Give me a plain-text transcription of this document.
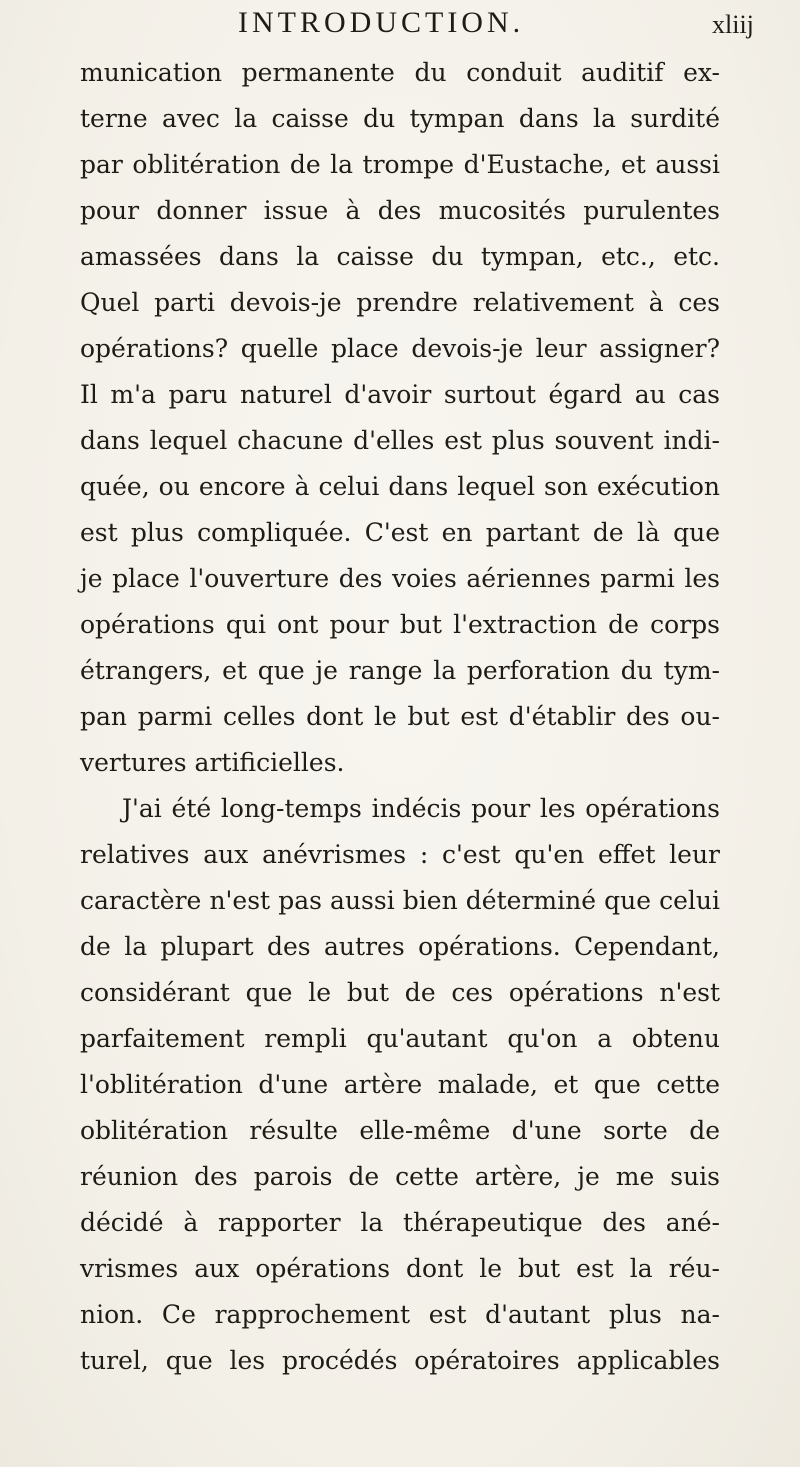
INTRODUCTION.	xliij
munication permanente du conduit auditif ex-
terne avec la caisse du tympan dans la surdité
par oblitération de la trompe d'Eustache, et aussi
pour donner issue à des mucosités purulentes
amassées dans la caisse du tympan, etc., etc.
Quel parti devois-je prendre relativement à ces
opérations? quelle place devois-je leur assigner?
Il m'a paru naturel d'avoir surtout égard au cas
dans lequel chacune d'elles est plus souvent indi-
quée, ou encore à celui dans lequel son exécution
est plus compliquée. C'est en partant de là que
je place l'ouverture des voies aériennes parmi les
opérations qui ont pour but l'extraction de corps
étrangers, et que je range la perforation du tym-
pan parmi celles dont le but est d'établir des ou-
vertures artificielles.
J'ai été long-temps indécis pour les opérations
relatives aux anévrismes : c'est qu'en effet leur
caractère n'est pas aussi bien déterminé que celui
de la plupart des autres opérations. Cependant,
considérant que le but de ces opérations n'est
parfaitement rempli qu'autant qu'on a obtenu
l'oblitération d'une artère malade, et que cette
oblitération résulte elle-même d'une sorte de
réunion des parois de cette artère, je me suis
décidé à rapporter la thérapeutique des ané-
vrismes aux opérations dont le but est la réu-
nion. Ce rapprochement est d'autant plus na-
turel, que les procédés opératoires applicables
